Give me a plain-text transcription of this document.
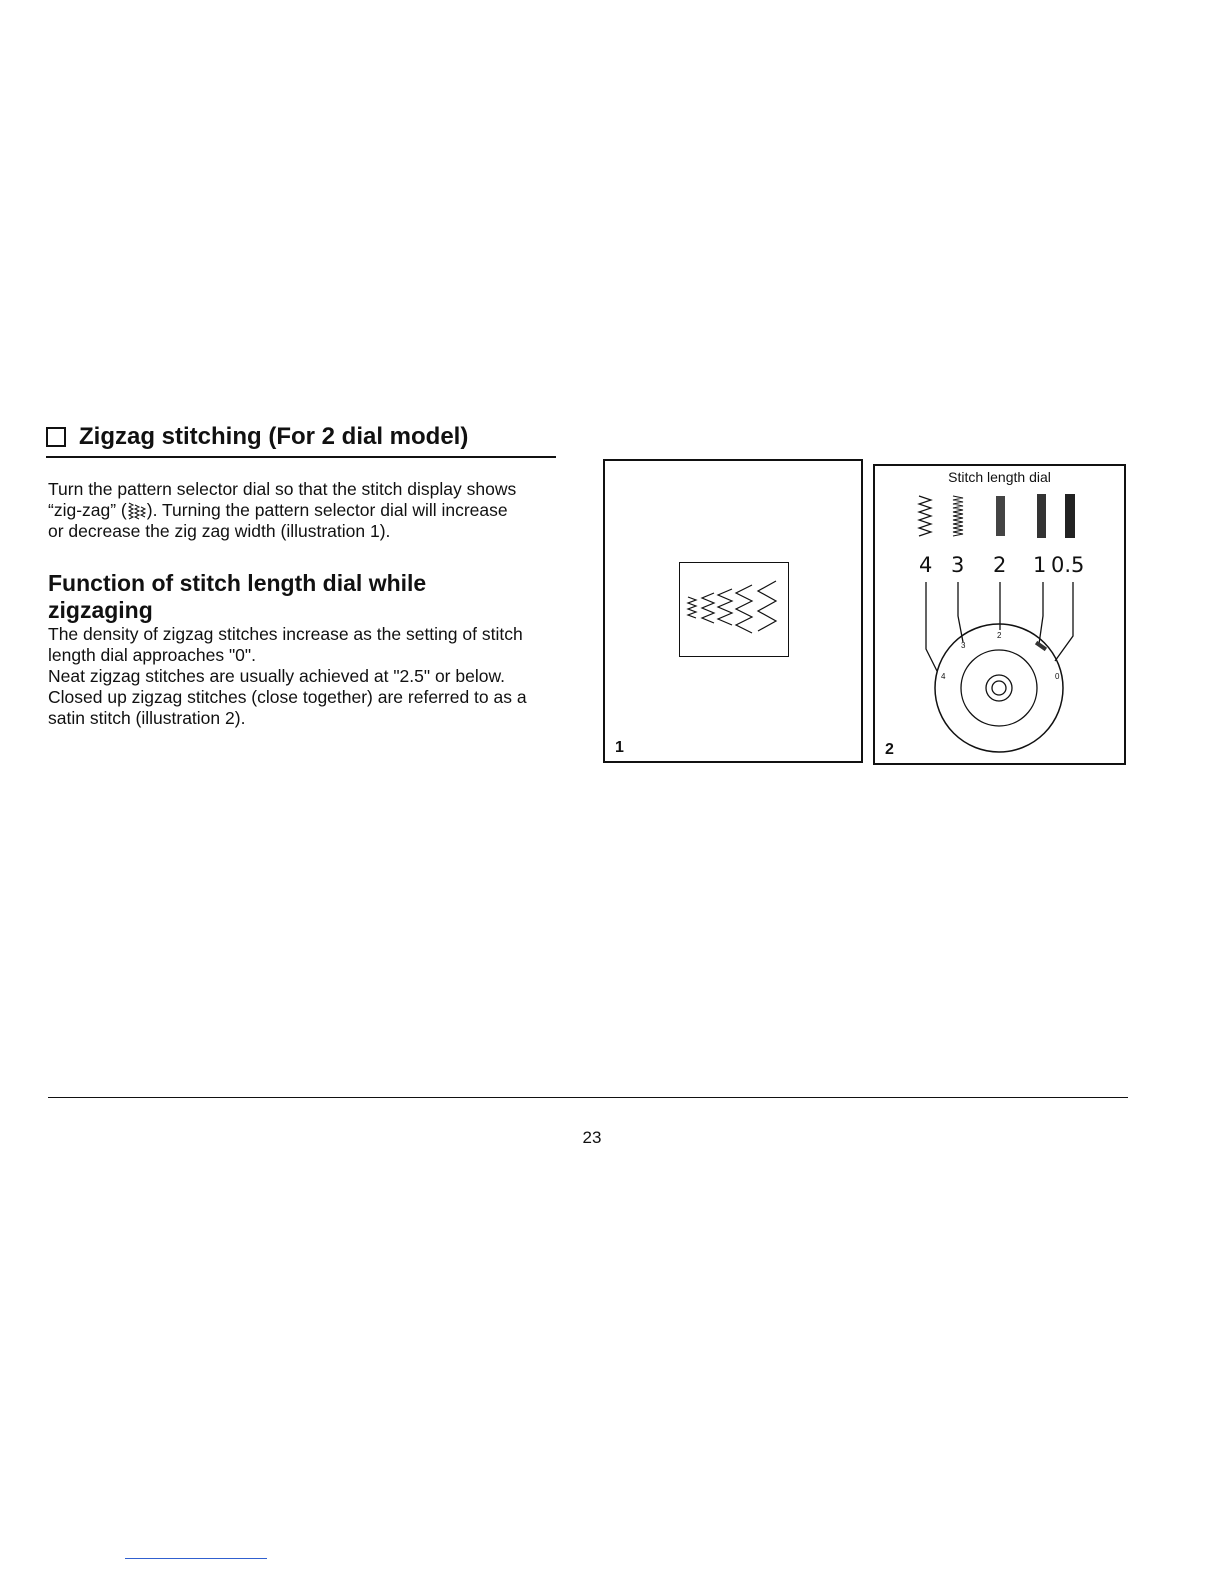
Zigzag stitching (For 2 dial model)
Turn the pattern selector dial so that the stitch display shows
“zig-zag” ( ). Turning the pattern selector dial will increase
or decrease the zig zag width (illustration 1).
Function of stitch length dial while zigzaging
The density of zigzag stitches increase as the setting of stitch
length dial approaches "0".
Neat zigzag stitches are usually achieved at "2.5" or below.
Closed up zigzag stitches (close together) are referred to as a
satin stitch (illustration 2).
1
Stitch length dial
4 3 2 1 0.5
3
2
4	0
2
23
